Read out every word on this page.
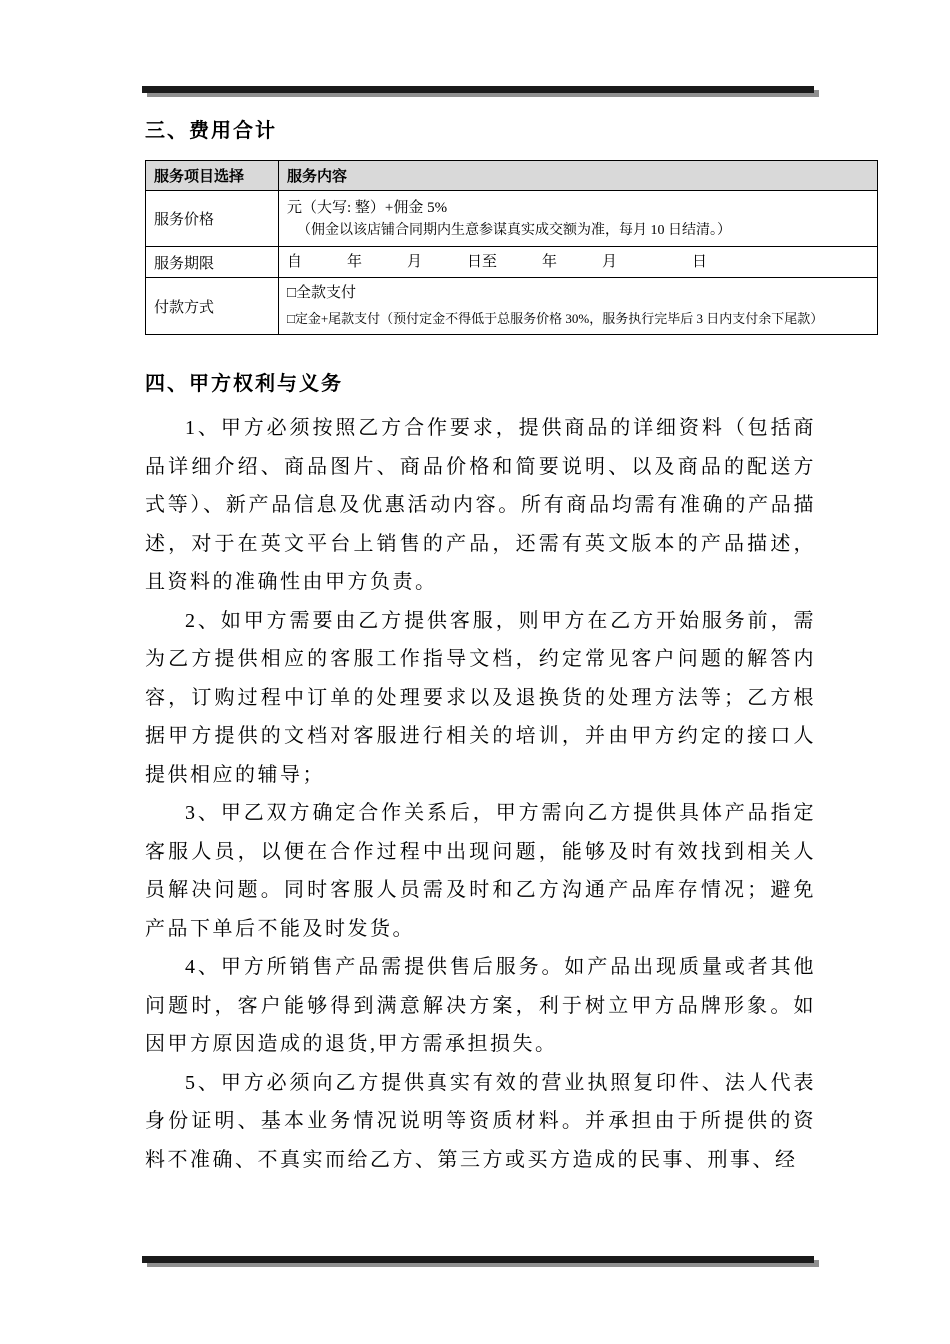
三、费用合计
服务项目选择	服务内容
服务价格	元（大写: 整）+佣金 5%
（佣金以该店铺合同期内生意参谋真实成交额为准，每月 10 日结清。）

服务期限	自　　　年　　　月　　　日至　　　年　　　月　　　　　日

付款方式	□全款支付
□定金+尾款支付（预付定金不得低于总服务价格 30%，服务执行完毕后 3 日内支付余下尾款）
四、甲方权利与义务

1、甲方必须按照乙方合作要求，提供商品的详细资料（包括商品详细介绍、商品图片、商品价格和简要说明、以及商品的配送方式等）、新产品信息及优惠活动内容。所有商品均需有准确的产品描述，对于在英文平台上销售的产品，还需有英文版本的产品描述，且资料的准确性由甲方负责。

2、如甲方需要由乙方提供客服，则甲方在乙方开始服务前，需为乙方提供相应的客服工作指导文档，约定常见客户问题的解答内容，订购过程中订单的处理要求以及退换货的处理方法等；乙方根据甲方提供的文档对客服进行相关的培训，并由甲方约定的接口人提供相应的辅导；

3、甲乙双方确定合作关系后，甲方需向乙方提供具体产品指定客服人员，以便在合作过程中出现问题，能够及时有效找到相关人员解决问题。同时客服人员需及时和乙方沟通产品库存情况；避免产品下单后不能及时发货。

4、甲方所销售产品需提供售后服务。如产品出现质量或者其他问题时，客户能够得到满意解决方案，利于树立甲方品牌形象。如因甲方原因造成的退货,甲方需承担损失。

5、甲方必须向乙方提供真实有效的营业执照复印件、法人代表身份证明、基本业务情况说明等资质材料。并承担由于所提供的资料不准确、不真实而给乙方、第三方或买方造成的民事、刑事、经
